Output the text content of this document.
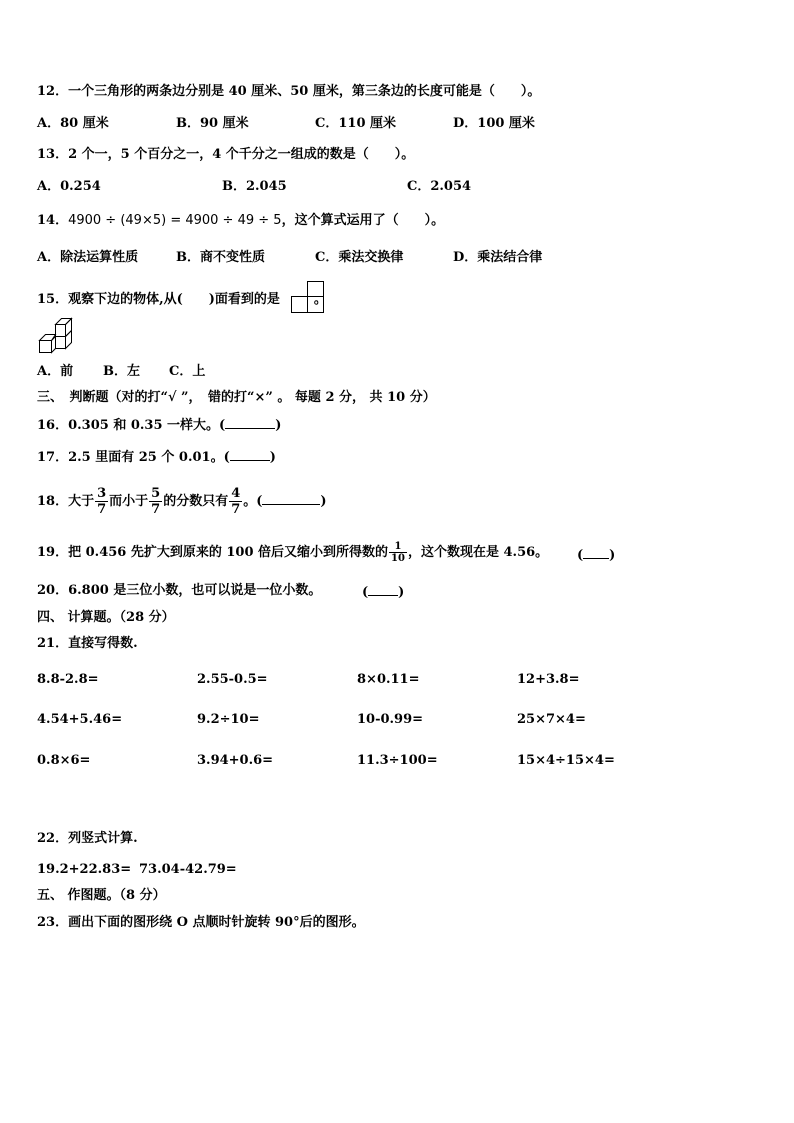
12．一个三角形的两条边分别是 40 厘米、50 厘米，第三条边的长度可能是（　　）。
A．80 厘米	B．90 厘米	C．110 厘米	D．100 厘米
13．2 个一，5 个百分之一，4 个千分之一组成的数是（　　）。
A．0.254	B．2.045	C．2.054
14．4900 ÷ (49×5) = 4900 ÷ 49 ÷ 5，这个算式运用了（　　）。
A．除法运算性质	B．商不变性质	C．乘法交换律	D．乘法结合律
15．观察下边的物体,从(　　)面看到的是	。
A．前 B．左 C．上
三、　判断题（对的打“√ ”，　错的打“×” 。 每题 2 分， 共 10 分）
16．0.305 和 0.35 一样大。(	)
17．2.5 里面有 25 个 0.01。(	)
18．大于 $\frac{3}{7}$ 而小于 $\frac{5}{7}$ 的分数只有 $\frac{4}{7}$ 。(	)
19．把 0.456 先扩大到原来的 100 倍后又缩小到所得数的 $\frac{1}{10}$ ，这个数现在是 4.56。 ( )
20．6.800 是三位小数，也可以说是一位小数。	( )
四、 计算题。（28 分）
21．直接写得数.
8.8-2.8=	2.55-0.5=	8×0.11=	12+3.8=
4.54+5.46=	9.2÷10=	10-0.99=	25×7×4=
0.8×6=	3.94+0.6=	11.3÷100=	15×4÷15×4=
22．列竖式计算.
19.2+22.83= 73.04-42.79=
五、 作图题。（8 分）
23．画出下面的图形绕 O 点顺时针旋转 90°后的图形。
